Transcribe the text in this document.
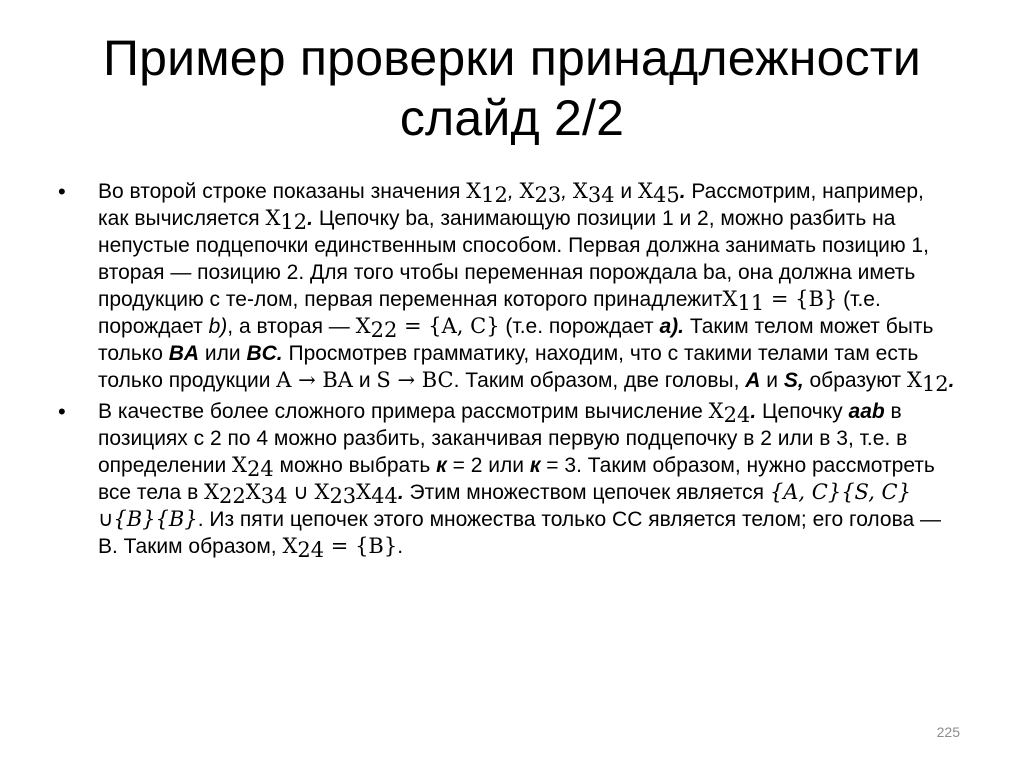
Пример проверки принадлежности
слайд 2/2
•	Во второй строке показаны значения $X_{12}$, $X_{23}$, $X_{34}$ и $X_{45}$. Рассмотрим, например, как вычисляется $X_{12}$. Цепочку ba, занимающую позиции 1 и 2, можно разбить на непустые подцепочки единственным способом. Первая должна занимать позицию 1, вторая — позицию 2. Для того чтобы переменная порождала ba, она должна иметь продукцию с те-лом, первая переменная которого принадлежитX$_{11}$ = {B} (т.е. порождает b), а вторая — $X_{22} = \{A$, C} (т.е. порождает a). Таким телом может быть только BA или BC. Просмотрев грамматику, находим, что с такими телами там есть только продукции A → BA и S → BC. Таким образом, две головы, A и S, образуют $X_{12}$.
•	В качестве более сложного примера рассмотрим вычисление $X_{24}$. Цепочку aab в позициях с 2 по 4 можно разбить, заканчивая первую подцепочку в 2 или в 3, т.е. в определении $X_{24}$ можно выбрать к = 2 или к = 3. Таким образом, нужно рассмотреть все тела в $X_{22}X_{34}$ ∪ $X_{23}X_{44}$. Этим множеством цепочек является {A, C}{S, C}∪{B}{B}. Из пяти цепочек этого множества только СС является телом; его голова — В. Таким образом, $X_{24} = \{B\}$.
225
